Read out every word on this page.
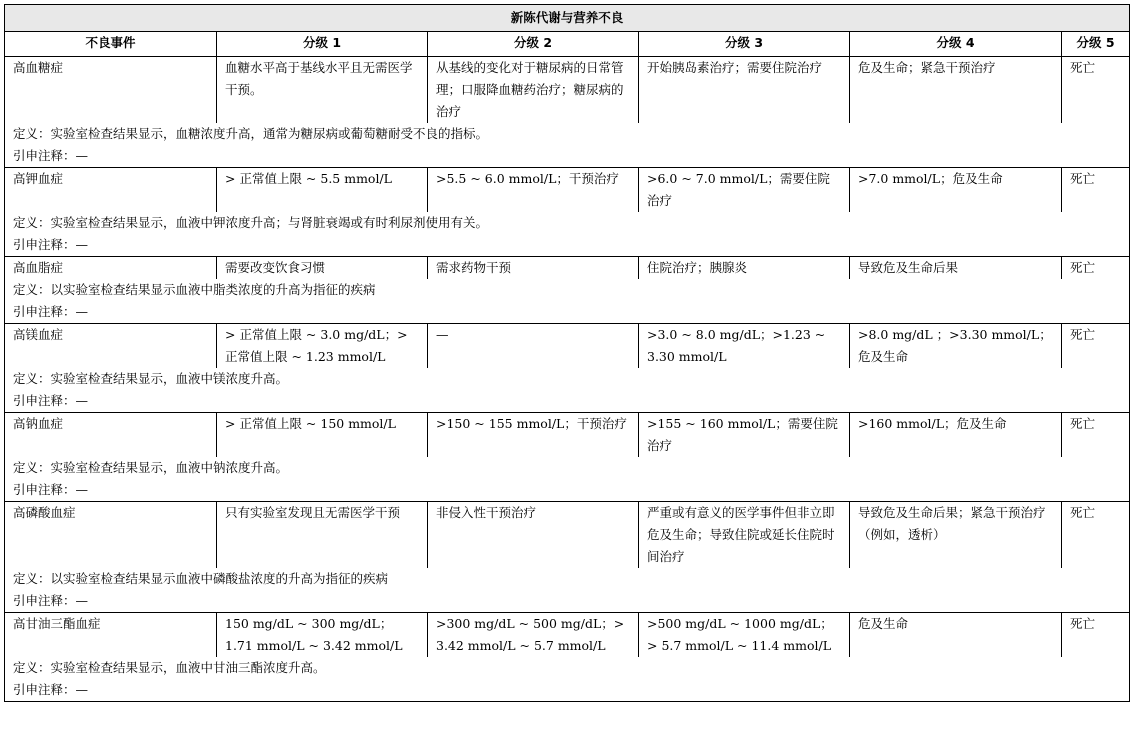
新陈代谢与营养不良					
不良事件	分级 1	分级 2	分级 3	分级 4	分级 5
高血糖症	血糖水平高于基线水平且无需医学干预。	从基线的变化对于糖尿病的日常管理；口服降血糖药治疗；糖尿病的治疗	开始胰岛素治疗；需要住院治疗	危及生命；紧急干预治疗	死亡
定义：实验室检查结果显示，血糖浓度升高，通常为糖尿病或葡萄糖耐受不良的指标。					
引申注释：—					
高钾血症	> 正常值上限 ~ 5.5 mmol/L	>5.5 ~ 6.0 mmol/L；干预治疗	>6.0 ~ 7.0 mmol/L；需要住院治疗	>7.0 mmol/L；危及生命	死亡
定义：实验室检查结果显示，血液中钾浓度升高；与肾脏衰竭或有时利尿剂使用有关。					
引申注释：—					
高血脂症	需要改变饮食习惯	需求药物干预	住院治疗；胰腺炎	导致危及生命后果	死亡
定义：以实验室检查结果显示血液中脂类浓度的升高为指征的疾病					
引申注释：—					
高镁血症	> 正常值上限 ~ 3.0 mg/dL；> 正常值上限 ~ 1.23 mmol/L	—	>3.0 ~ 8.0 mg/dL；>1.23 ~ 3.30 mmol/L	>8.0 mg/dL ；>3.30 mmol/L；危及生命	死亡
定义：实验室检查结果显示，血液中镁浓度升高。					
引申注释：—					
高钠血症	> 正常值上限 ~ 150 mmol/L	>150 ~ 155 mmol/L；干预治疗	>155 ~ 160 mmol/L；需要住院治疗	>160 mmol/L；危及生命	死亡
定义：实验室检查结果显示，血液中钠浓度升高。					
引申注释：—					
高磷酸血症	只有实验室发现且无需医学干预	非侵入性干预治疗	严重或有意义的医学事件但非立即危及生命；导致住院或延长住院时间治疗	导致危及生命后果；紧急干预治疗（例如，透析）	死亡
定义：以实验室检查结果显示血液中磷酸盐浓度的升高为指征的疾病					
引申注释：—					
高甘油三酯血症	150 mg/dL ~ 300 mg/dL；1.71 mmol/L ~ 3.42 mmol/L	>300 mg/dL ~ 500 mg/dL；> 3.42 mmol/L ~ 5.7 mmol/L	>500 mg/dL ~ 1000 mg/dL；> 5.7 mmol/L ~ 11.4 mmol/L	危及生命	死亡
定义：实验室检查结果显示，血液中甘油三酯浓度升高。					
引申注释：—					
